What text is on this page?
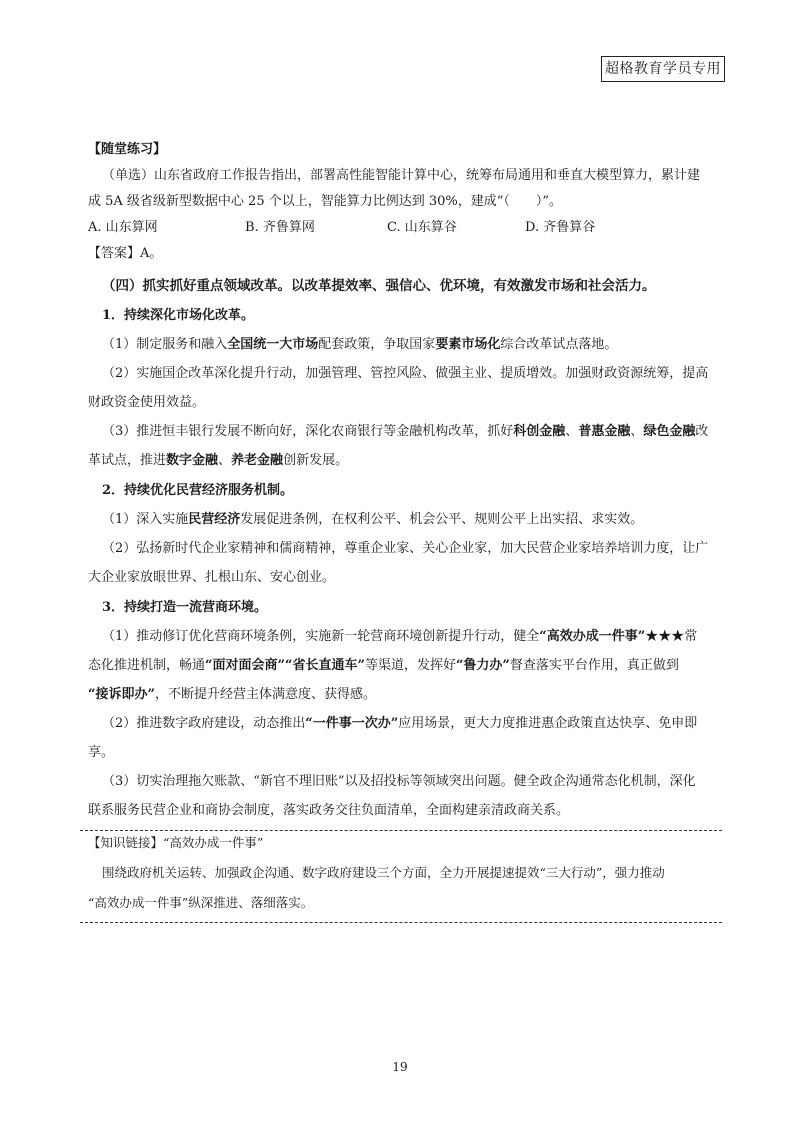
超格教育学员专用
【随堂练习】
（单选）山东省政府工作报告指出，部署高性能智能计算中心，统筹布局通用和垂直大模型算力，累计建
成 5A 级省级新型数据中心 25 个以上，智能算力比例达到 30%，建成“（　　）”。
A. 山东算网	B. 齐鲁算网	C. 山东算谷	D. 齐鲁算谷
【答案】A。
（四）抓实抓好重点领域改革。以改革提效率、强信心、优环境，有效激发市场和社会活力。
1．持续深化市场化改革。
（1）制定服务和融入全国统一大市场配套政策，争取国家要素市场化综合改革试点落地。
（2）实施国企改革深化提升行动，加强管理、管控风险、做强主业、提质增效。加强财政资源统筹，提高
财政资金使用效益。
（3）推进恒丰银行发展不断向好，深化农商银行等金融机构改革，抓好科创金融、普惠金融、绿色金融改
革试点，推进数字金融、养老金融创新发展。
2．持续优化民营经济服务机制。
（1）深入实施民营经济发展促进条例，在权利公平、机会公平、规则公平上出实招、求实效。
（2）弘扬新时代企业家精神和儒商精神，尊重企业家、关心企业家，加大民营企业家培养培训力度，让广
大企业家放眼世界、扎根山东、安心创业。
3．持续打造一流营商环境。
（1）推动修订优化营商环境条例，实施新一轮营商环境创新提升行动，健全“高效办成一件事”★★★常
态化推进机制，畅通“面对面会商”“省长直通车”等渠道，发挥好“鲁力办”督查落实平台作用，真正做到
“接诉即办”，不断提升经营主体满意度、获得感。
（2）推进数字政府建设，动态推出“一件事一次办”应用场景，更大力度推进惠企政策直达快享、免申即
享。
（3）切实治理拖欠账款、“新官不理旧账”以及招投标等领域突出问题。健全政企沟通常态化机制，深化
联系服务民营企业和商协会制度，落实政务交往负面清单，全面构建亲清政商关系。
【知识链接】“高效办成一件事”
围绕政府机关运转、加强政企沟通、数字政府建设三个方面，全力开展提速提效“三大行动”，强力推动
“高效办成一件事”纵深推进、落细落实。
19
